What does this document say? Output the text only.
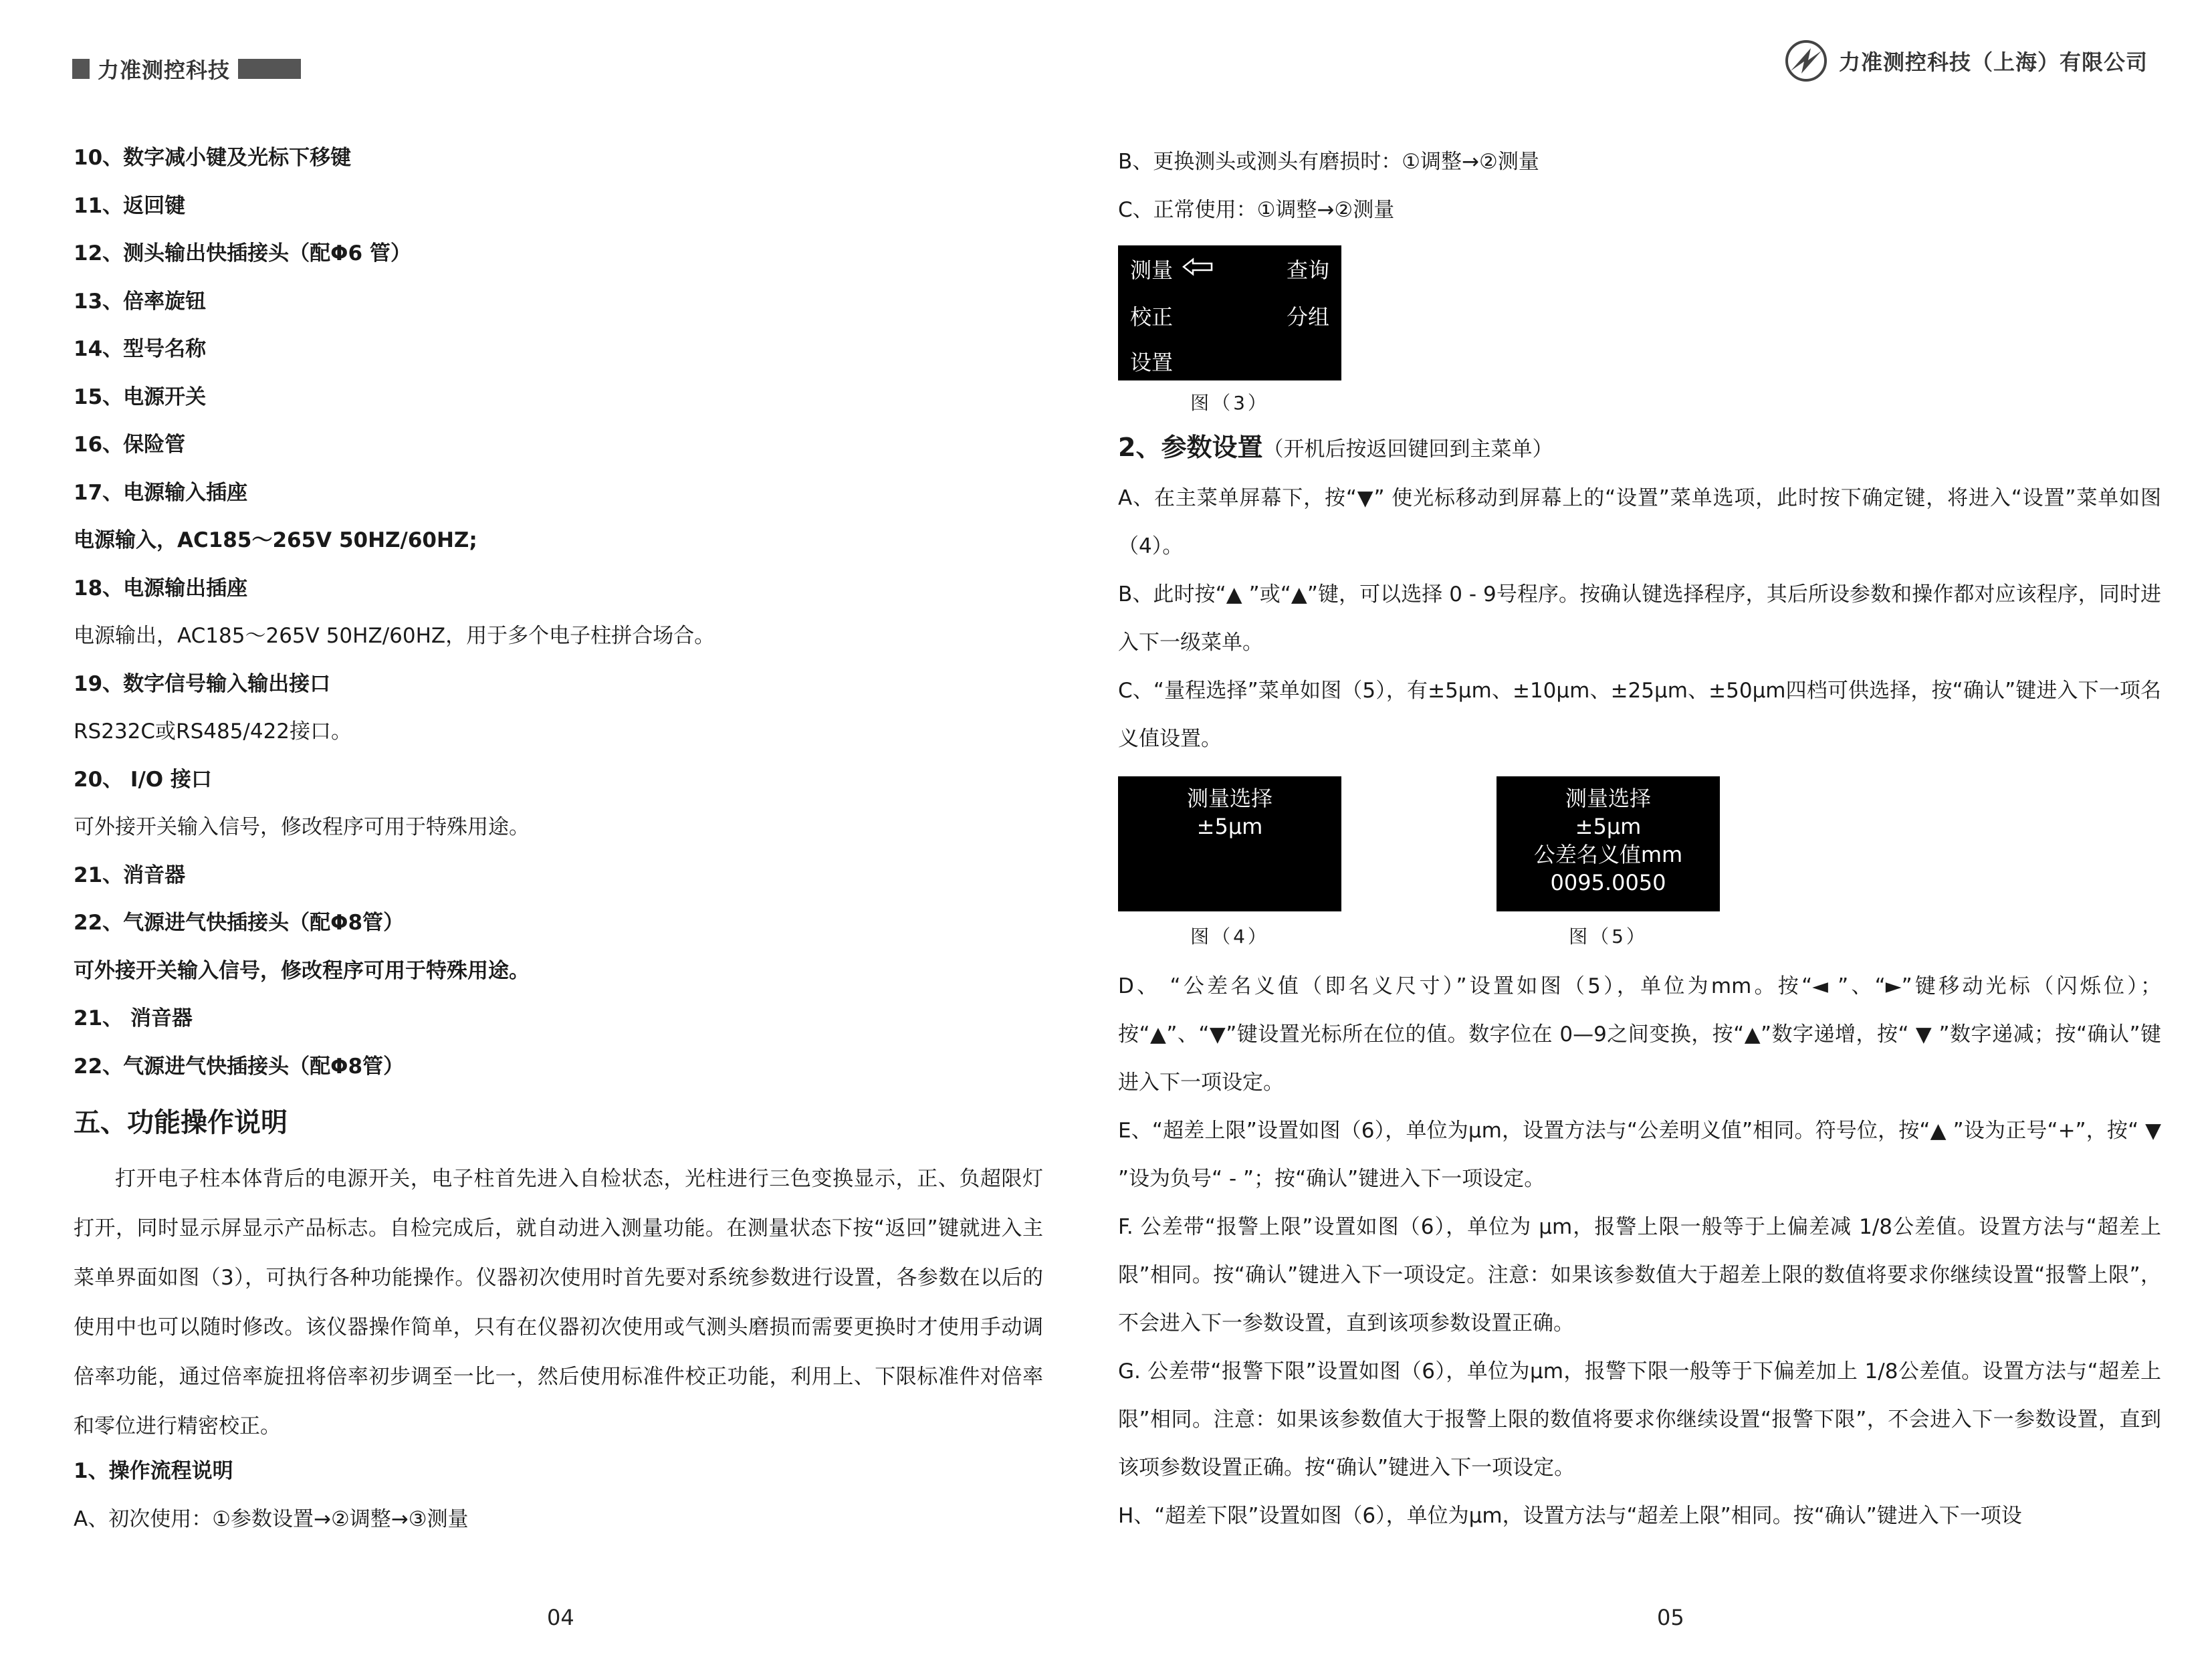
力准测控科技	力准测控科技（上海）有限公司
10、数字减小键及光标下移键
11、返回键
12、测头输出快插接头（配Φ6 管）
13、倍率旋钮
14、型号名称
15、电源开关
16、保险管
17、电源输入插座
电源输入，AC185～265V 50HZ/60HZ;
18、电源输出插座
电源输出，AC185～265V 50HZ/60HZ，用于多个电子柱拼合场合。
19、数字信号输入输出接口
RS232C或RS485/422接口。
20、 I/O 接口
可外接开关输入信号，修改程序可用于特殊用途。
21、消音器
22、气源进气快插接头（配Φ8管）
可外接开关输入信号，修改程序可用于特殊用途。
21、 消音器
22、气源进气快插接头（配Φ8管）
五、功能操作说明

打开电子柱本体背后的电源开关，电子柱首先进入自检状态，光柱进行三色变换显示，正、负超限灯打开，同时显示屏显示产品标志。自检完成后，就自动进入测量功能。在测量状态下按“返回”键就进入主菜单界面如图（3），可执行各种功能操作。仪器初次使用时首先要对系统参数进行设置，各参数在以后的使用中也可以随时修改。该仪器操作简单，只有在仪器初次使用或气测头磨损而需要更换时才使用手动调倍率功能，通过倍率旋扭将倍率初步调至一比一，然后使用标准件校正功能，利用上、下限标准件对倍率和零位进行精密校正。

1、操作流程说明
A、初次使用：①参数设置→②调整→③测量
B、更换测头或测头有磨损时：①调整→②测量
C、正常使用：①调整→②测量
测量	查询
校正	分组
设置
图（3）
2、参数设置（开机后按返回键回到主菜单）

A、在主菜单屏幕下，按“▼” 使光标移动到屏幕上的“设置”菜单选项，此时按下确定键，将进入“设置”菜单如图（4）。

B、此时按“▲ ”或“▲”键，可以选择 0 - 9号程序。按确认键选择程序，其后所设参数和操作都对应该程序，同时进入下一级菜单。

C、“量程选择”菜单如图（5），有±5μm、±10μm、±25μm、±50μm四档可供选择，按“确认”键进入下一项名义值设置。

测量选择
±5μm
图（4）
测量选择
±5μm
公差名义值mm
0095.0050
图（5）

D、 “公差名义值（即名义尺寸）”设置如图（5），单位为mm。按“◄ ”、“►”键移动光标（闪烁位）；按“▲”、“▼”键设置光标所在位的值。数字位在 0—9之间变换，按“▲”数字递增，按“ ▼ ”数字递减；按“确认”键进入下一项设定。

E、“超差上限”设置如图（6），单位为μm，设置方法与“公差明义值”相同。符号位，按“▲ ”设为正号“+”，按“ ▼ ”设为负号“ - ”；按“确认”键进入下一项设定。

F. 公差带“报警上限”设置如图（6），单位为 μm，报警上限一般等于上偏差减 1/8公差值。设置方法与“超差上限”相同。按“确认”键进入下一项设定。注意：如果该参数值大于超差上限的数值将要求你继续设置“报警上限”，不会进入下一参数设置，直到该项参数设置正确。

G. 公差带“报警下限”设置如图（6），单位为μm，报警下限一般等于下偏差加上 1/8公差值。设置方法与“超差上限”相同。注意：如果该参数值大于报警上限的数值将要求你继续设置“报警下限”，不会进入下一参数设置，直到该项参数设置正确。按“确认”键进入下一项设定。

H、“超差下限”设置如图（6），单位为μm，设置方法与“超差上限”相同。按“确认”键进入下一项设

04	05
